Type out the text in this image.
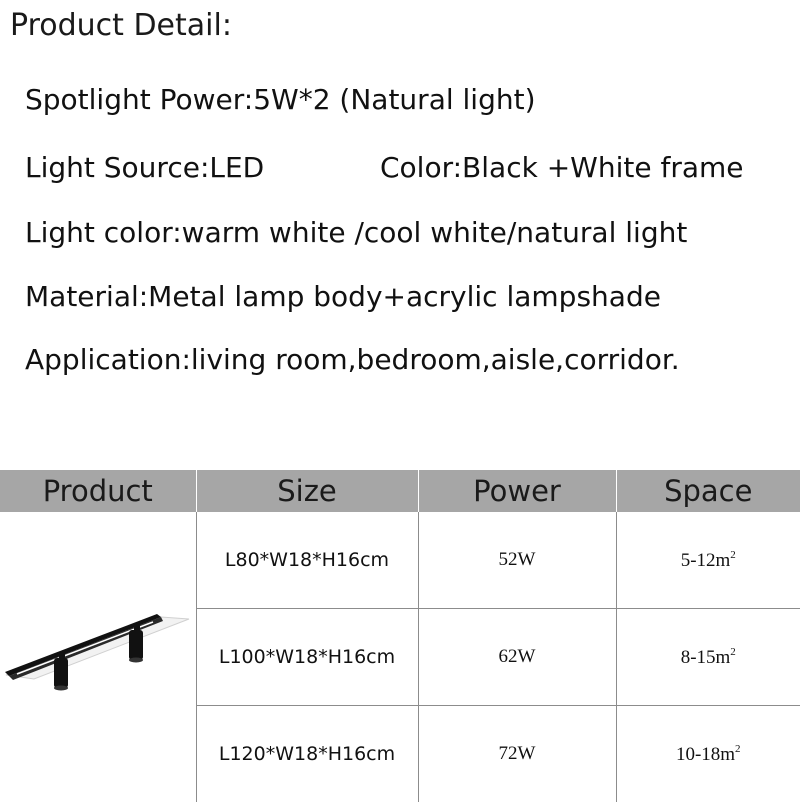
Product Detail:
Spotlight Power:5W*2 (Natural light)
Light Source:LED	Color:Black +White frame
Light color:warm white /cool white/natural light
Material:Metal lamp body+acrylic lampshade
Application:living room,bedroom,aisle,corridor.
Product	Size	Power	Space

	L80*W18*H16cm	52W	$5-12m^2$
	L100*W18*H16cm	62W	$8-15m^2$
	L120*W18*H16cm	72W	$10-18m^2$
